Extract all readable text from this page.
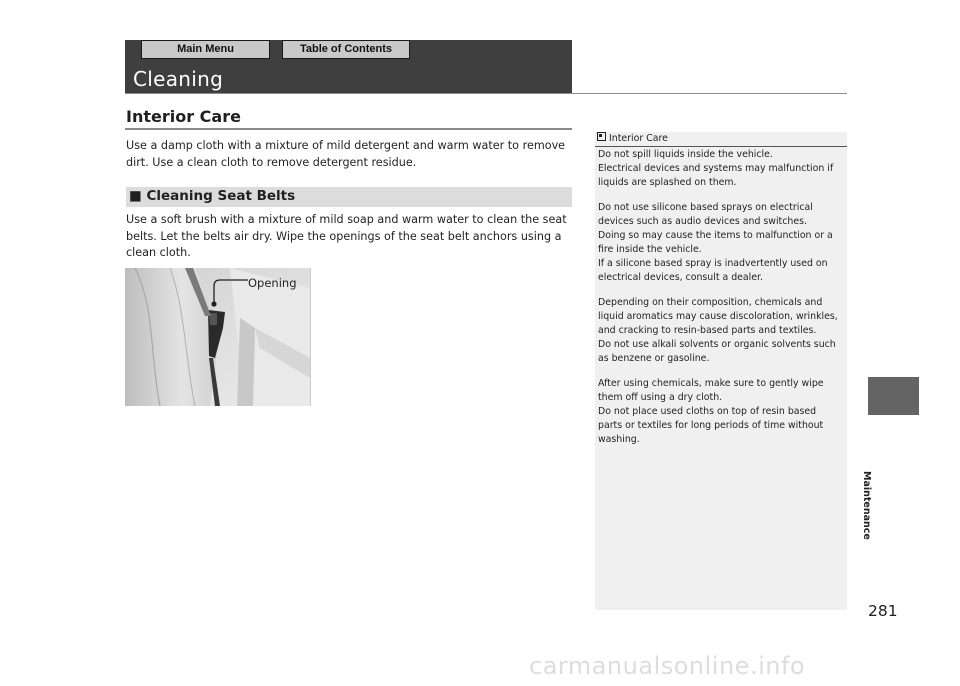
Main Menu	Table of Contents
Cleaning
Interior Care
Use a damp cloth with a mixture of mild detergent and warm water to remove dirt. Use a clean cloth to remove detergent residue.
■ Cleaning Seat Belts
Use a soft brush with a mixture of mild soap and warm water to clean the seat belts. Let the belts air dry. Wipe the openings of the seat belt anchors using a clean cloth.
Opening
Interior Care

Do not spill liquids inside the vehicle.

Electrical devices and systems may malfunction if liquids are splashed on them.

Do not use silicone based sprays on electrical devices such as audio devices and switches.

Doing so may cause the items to malfunction or a fire inside the vehicle.

If a silicone based spray is inadvertently used on electrical devices, consult a dealer.

Depending on their composition, chemicals and liquid aromatics may cause discoloration, wrinkles, and cracking to resin-based parts and textiles.

Do not use alkali solvents or organic solvents such as benzene or gasoline.

After using chemicals, make sure to gently wipe them off using a dry cloth.

Do not place used cloths on top of resin based parts or textiles for long periods of time without washing.

Maintenance
281
carmanualsonline.info
